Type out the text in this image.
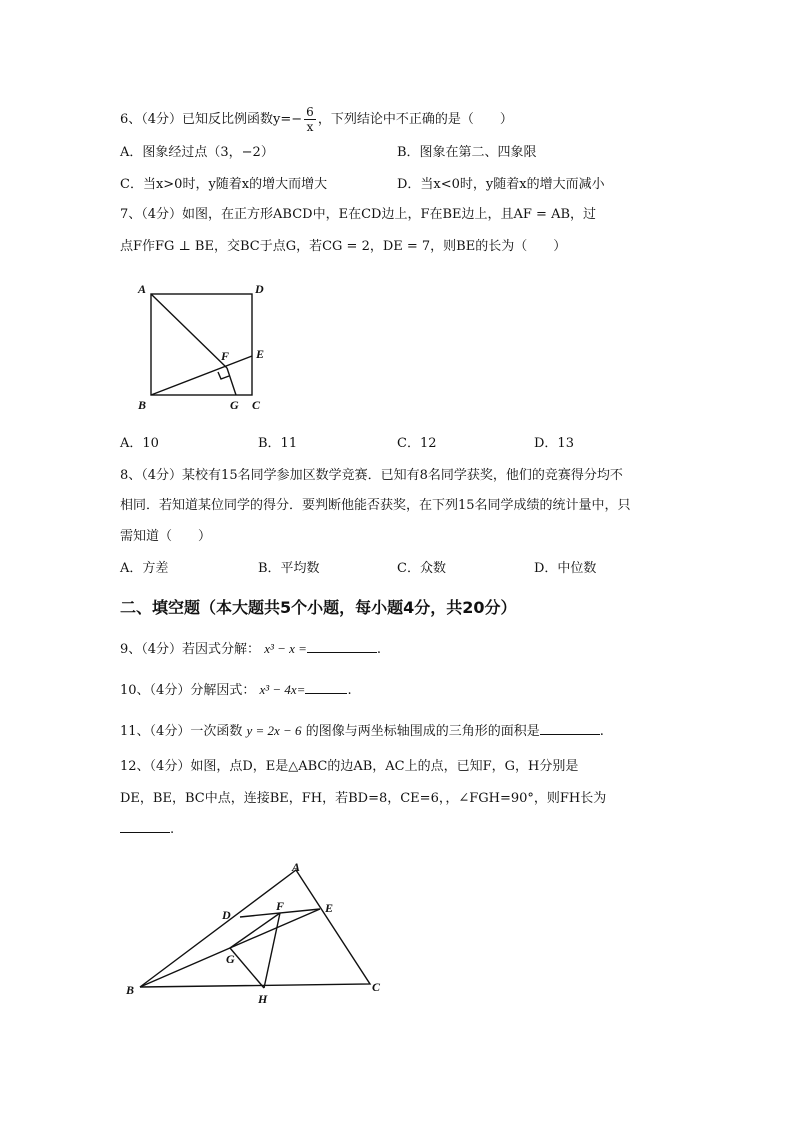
6、（4分）已知反比例函数$y=- \frac{6}{x}$ ，下列结论中不正确的是（　　）
A．图象经过点（3，−2）	B．图象在第二、四象限
C．当x>0时，y随着x的增大而增大	D．当x<0时，y随着x的增大而减小
7、（4分）如图，在正方形ABCD中，E在CD边上，F在BE边上，且AF = AB，过
点F作FG ⊥ BE，交BC于点G，若CG = 2，DE = 7，则BE的长为（　　）
A	D
F E
B	G C
A．10	B．11	C．12	D．13
8、（4分）某校有15名同学参加区数学竞赛．已知有8名同学获奖，他们的竞赛得分均不
相同．若知道某位同学的得分．要判断他能否获奖，在下列15名同学成绩的统计量中，只
需知道（　　）
A．方差	B．平均数	C．众数	D．中位数
二、填空题（本大题共5个小题，每小题4分，共20分）
9、（4分）若因式分解： x³ − x =	.
10、（4分）分解因式： x³ − 4x=	.
11、（4分）一次函数 y = 2x − 6 的图像与两坐标轴围成的三角形的面积是	.
12、（4分）如图，点D，E是△ABC的边AB，AC上的点，已知F，G，H分别是
DE，BE，BC中点，连接BE，FH，若BD=8，CE=6，，∠FGH=90°，则FH长为
.
A
D
F	E
G
B
H
C
